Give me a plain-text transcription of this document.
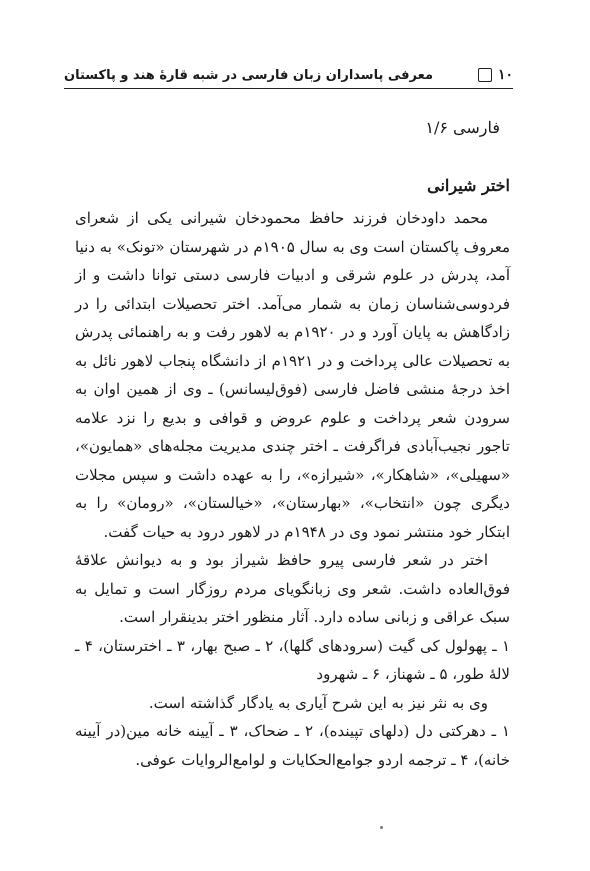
۱۰
معرفی پاسداران زبان فارسی در شبه قارهٔ هند و پاکستان
فارسی ۱/۶
اختر شیرانی

محمد داودخان فرزند حافظ محمودخان شیرانی یکی از شعرای معروف پاکستان است وی به سال ۱۹۰۵م در شهرستان «تونک» به دنیا آمد، پدرش در علوم شرقی و ادبیات فارسی دستی توانا داشت و از فردوسی‌شناسان زمان به شمار می‌آمد. اختر تحصیلات ابتدائی را در زادگاهش به پایان آورد و در ۱۹۲۰م به لاهور رفت و به راهنمائی پدرش به تحصیلات عالی پرداخت و در ۱۹۲۱م از دانشگاه پنجاب لاهور نائل به اخذ درجهٔ منشی فاضل فارسی (فوق‌لیسانس) ـ وی از همین اوان به سرودن شعر پرداخت و علوم عروض و قوافی و بدیع را نزد علامه تاجور نجیب‌آبادی فراگرفت ـ اختر چندی مدیریت مجله‌های «همایون»، «سهیلی»، «شاهکار»، «شیرازه»، را به عهده داشت و سپس مجلات دیگری چون «انتخاب»، «بهارستان»، «خیالستان»، «رومان» را به ابتکار خود منتشر نمود وی در ۱۹۴۸م در لاهور درود به حیات گفت.

اختر در شعر فارسی پیرو حافظ شیراز بود و به دیوانش علاقهٔ فوق‌العاده داشت. شعر وی زبانگویای مردم روزگار است و تمایل به سبک عراقی و زبانی ساده دارد. آثار منظور اختر بدینقرار است.

۱ ـ پهولول کی گیت (سرودهای گلها)، ۲ ـ صبح بهار، ۳ ـ اخترستان، ۴ ـ لالهٔ طور، ۵ ـ شهناز، ۶ ـ شهرود

وی به نثر نیز به این شرح آیاری به یادگار گذاشته است.

۱ ـ دهرکتی دل (دلهای تپینده)، ۲ ـ ضحاک، ۳ ـ آیینه خانه مین(در آیینه خانه)، ۴ ـ ترجمه اردو جوامع‌الحکایات و لوامع‌الروایات عوفی.
